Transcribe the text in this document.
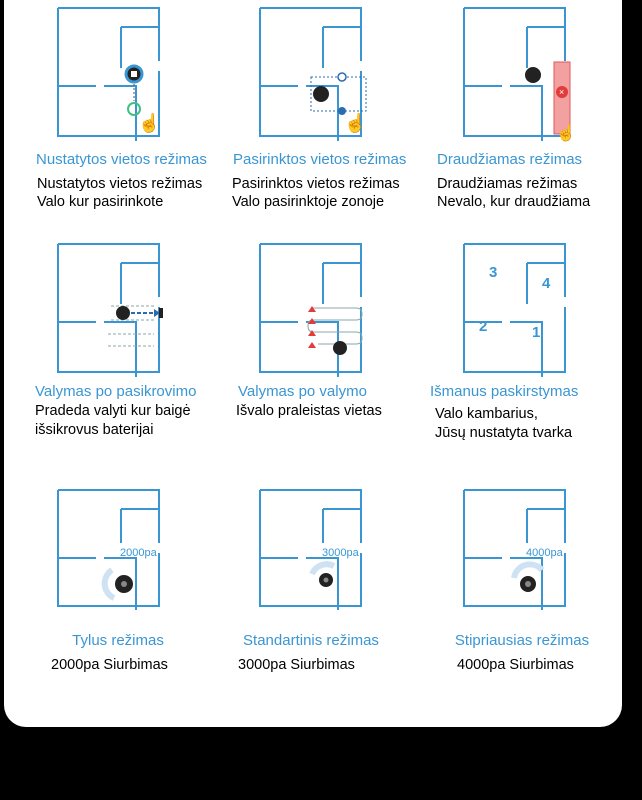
☝
Nustatytos vietos režimas
Nustatytos vietos režimas
Valo kur pasirinkote
☝
Pasirinktos vietos režimas
Pasirinktos vietos režimas
Valo pasirinktoje zonoje
×
☝
Draudžiamas režimas
Draudžiamas režimas
Nevalo, kur draudžiama
Valymas po pasikrovimo
Pradeda valyti kur baigė
išsikrovus baterijai
Valymas po valymo
Išvalo praleistas vietas
3
4
2	1
Išmanus paskirstymas
Valo kambarius,
Jūsų nustatyta tvarka
2000pa
Tylus režimas
2000pa Siurbimas
3000pa
Standartinis režimas
3000pa Siurbimas
4000pa
Stipriausias režimas
4000pa Siurbimas
